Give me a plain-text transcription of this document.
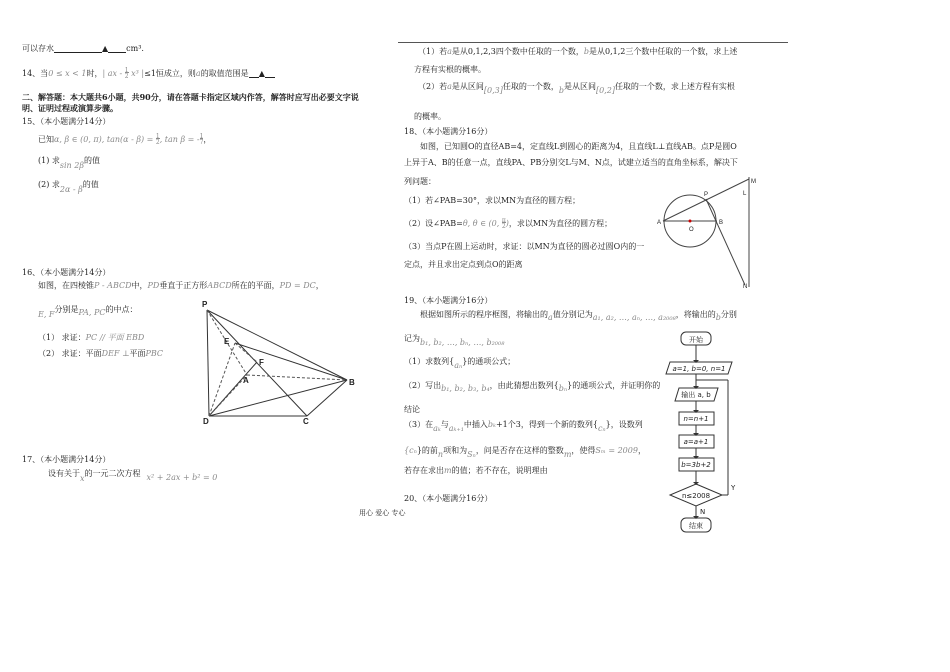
可以存水	▲ cm³.
14、当0 ≤ x < 1时，| ax - 1
2 x³ |≤1恒成立，则a的取值范围是 ▲
二、解答题：本大题共6小题，共90分，请在答题卡指定区域内作答，解答时应写出必要文字说
明、证明过程或演算步骤。
15、（本小题满分14分）
已知α, β ∈ (0, π), tan(α - β) = 1
2, tan β = -1
7，
(1) 求sin 2β的值
(2) 求2α - β的值
16、（本小题满分14分）
如图，在四棱锥P - ABCD中，PD垂直于正方形ABCD所在的平面，PD = DC，
E, F分别是PA, PC的中点：
（1） 求证：PC // 平面 EBD
（2） 求证：平面DEF ⊥平面PBC
P
E
F
A	B
D	C
17、（本小题满分14分）
设有关于x的一元二次方程 x² + 2ax + b² = 0
（1）若a是从0,1,2,3四个数中任取的一个数，b是从0,1,2三个数中任取的一个数，求上述
方程有实根的概率。
（2）若a是从区间[0,3]任取的一个数，b是从区间[0,2]任取的一个数，求上述方程有实根
的概率。
18、（本小题满分16分）
如图，已知圆O的直径AB=4，定直线L到圆心的距离为4，且直线L⊥直线AB。点P是圆O
上异于A、B的任意一点，直线PA、PB分别交L与M、N点，试建立适当的直角坐标系，解决下
列问题：
（1）若∠PAB=30°，求以MN为直径的圆方程；
（2）设∠PAB=θ, θ ∈ (0, π
2)，求以MN为直径的圆方程；
（3）当点P在圆上运动时，求证：以MN为直径的圆必过圆O内的一
定点，并且求出定点到点O的距离
M
L
P
A
O
B
N
19、（本小题满分16分）
根据如图所示的程序框图，将输出的a值分别记为a₁, a₂, …, aₙ, …, a₂₀₀₈，将输出的b分别
记为b₁, b₂, …, bₙ, …, b₂₀₀₈
（1）求数列{aₙ}的通项公式；
（2）写出b₁, b₂, b₃, b₄，由此猜想出数列{bₙ}的通项公式，并证明你的
结论
（3）在aₖ与aₖ₊₁中插入bₖ+1个3，得到一个新的数列{cₙ}，设数列
{cₙ}的前n项和为Sₙ，问是否存在这样的整数m，使得Sₘ = 2009，
若存在求出m的值；若不存在，说明理由
20、（本小题满分16分）
开始
a=1, b=0, n=1
输出 a, b
n=n+1
a=a+1
b=3b+2
n≤2008
Y
N
结束
用心 爱心 专心
